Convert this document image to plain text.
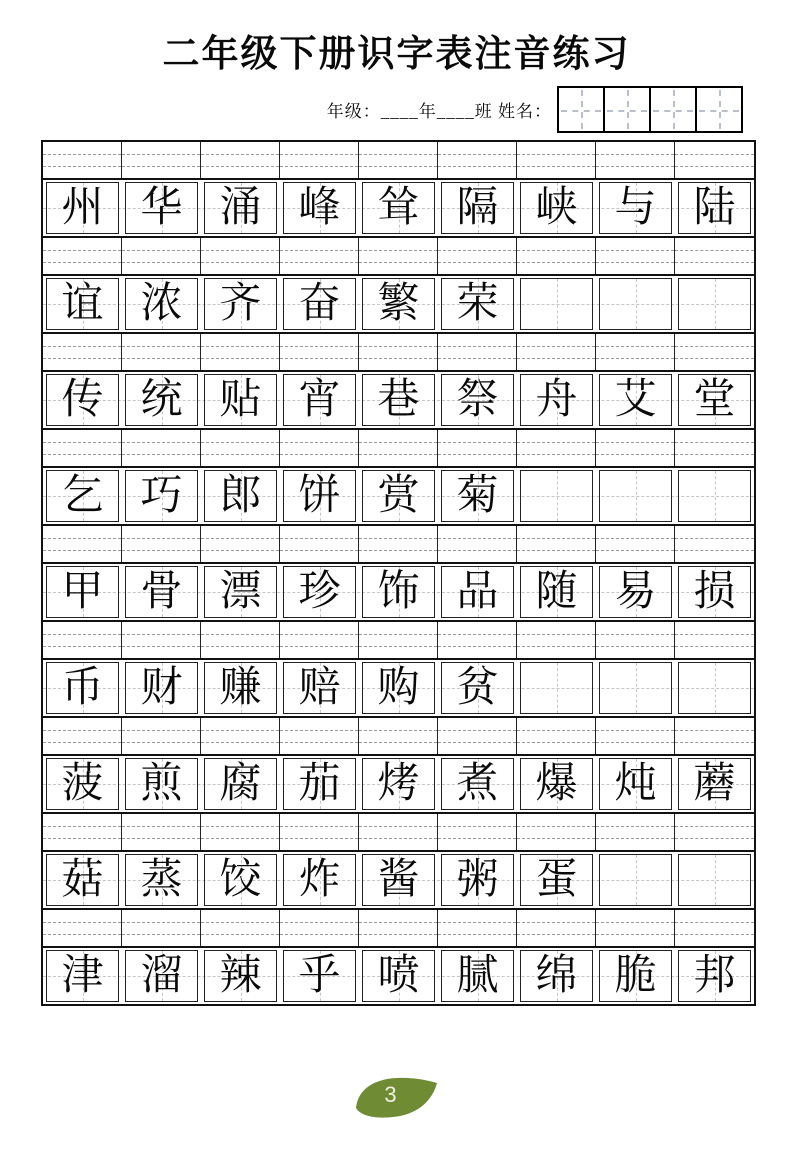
二年级下册识字表注音练习
年级：____年____班 姓名：
州 华 涌 峰 耸 隔 峡 与 陆
谊 浓 齐 奋 繁 荣
传 统 贴 宵 巷 祭 舟 艾 堂
乞 巧 郎 饼 赏 菊
甲 骨 漂 珍 饰 品 随 易 损
币 财 赚 赔 购 贫
菠 煎 腐 茄 烤 煮 爆 炖 蘑
菇 蒸 饺 炸 酱 粥 蛋
津 溜 辣 乎 喷 腻 绵 脆 邦
3
